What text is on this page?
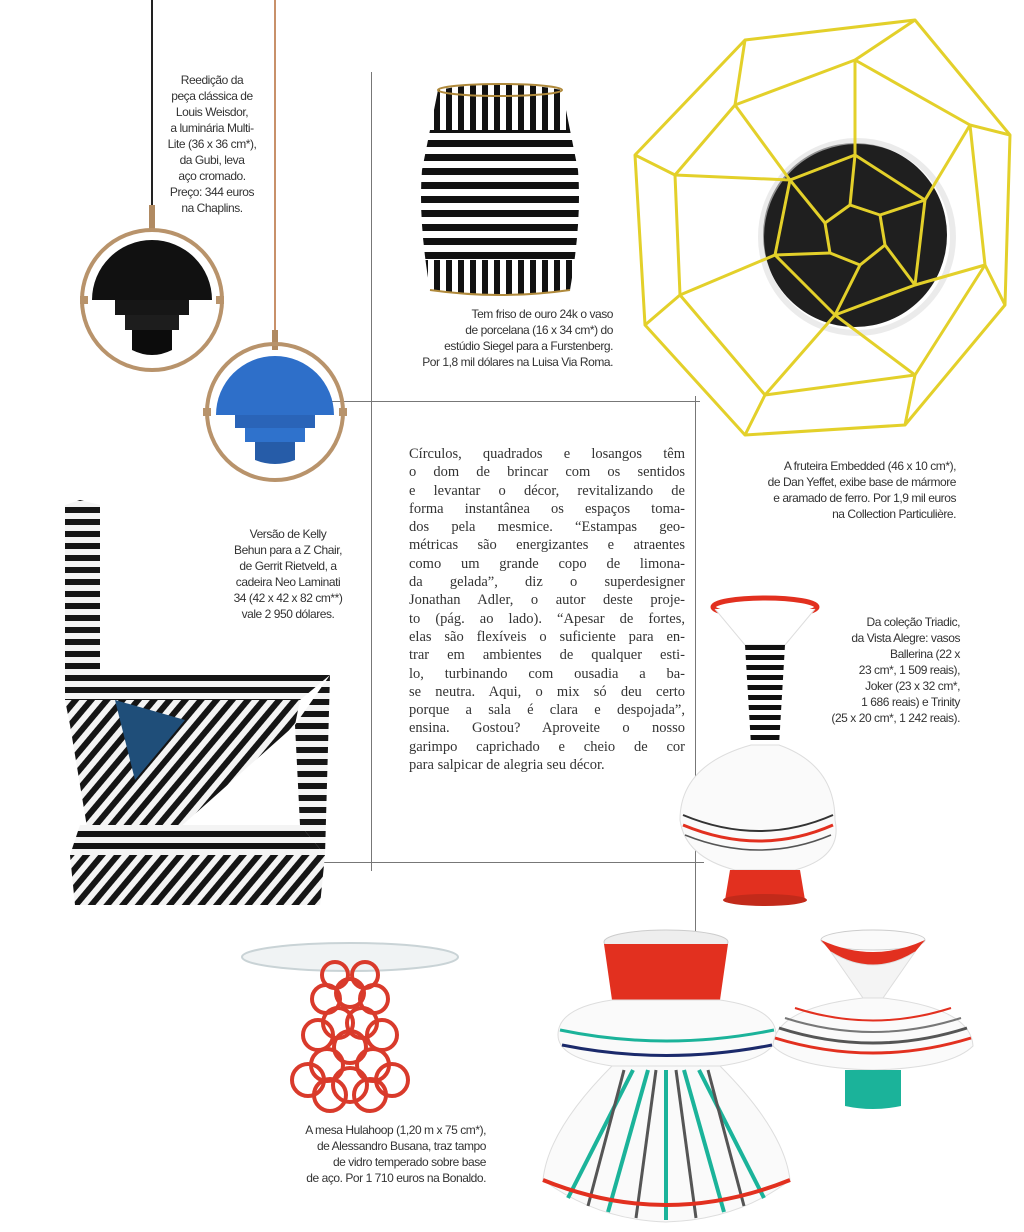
Reedição da
peça clássica de
Louis Weisdor,
a luminária Multi-
Lite (36 x 36 cm*),
da Gubi, leva
aço cromado.
Preço: 344 euros
na Chaplins.
Tem friso de ouro 24k o vaso
de porcelana (16 x 34 cm*) do
estúdio Siegel para a Furstenberg.
Por 1,8 mil dólares na Luisa Via Roma.
A fruteira Embedded (46 x 10 cm*),
de Dan Yeffet, exibe base de mármore
e aramado de ferro. Por 1,9 mil euros
na Collection Particulière.
Versão de Kelly
Behun para a Z Chair,
de Gerrit Rietveld, a
cadeira Neo Laminati
34 (42 x 42 x 82 cm**)
vale 2 950 dólares.
Círculos, quadrados e losangos têm
o dom de brincar com os sentidos
e levantar o décor, revitalizando de
forma instantânea os espaços toma-
dos pela mesmice. “Estampas geo-
métricas são energizantes e atraentes
como um grande copo de limona-
da gelada”, diz o superdesigner
Jonathan Adler, o autor deste proje-
to (pág. ao lado). “Apesar de fortes,
elas são flexíveis o suficiente para en-
trar em ambientes de qualquer esti-
lo, turbinando com ousadia a ba-
se neutra. Aqui, o mix só deu certo
porque a sala é clara e despojada”,
ensina. Gostou? Aproveite o nosso
garimpo caprichado e cheio de cor
para salpicar de alegria seu décor.
Da coleção Triadic,
da Vista Alegre: vasos
Ballerina (22 x
23 cm*, 1 509 reais),
Joker (23 x 32 cm*,
1 686 reais) e Trinity
(25 x 20 cm*, 1 242 reais).
A mesa Hulahoop (1,20 m x 75 cm*),
de Alessandro Busana, traz tampo
de vidro temperado sobre base
de aço. Por 1 710 euros na Bonaldo.
